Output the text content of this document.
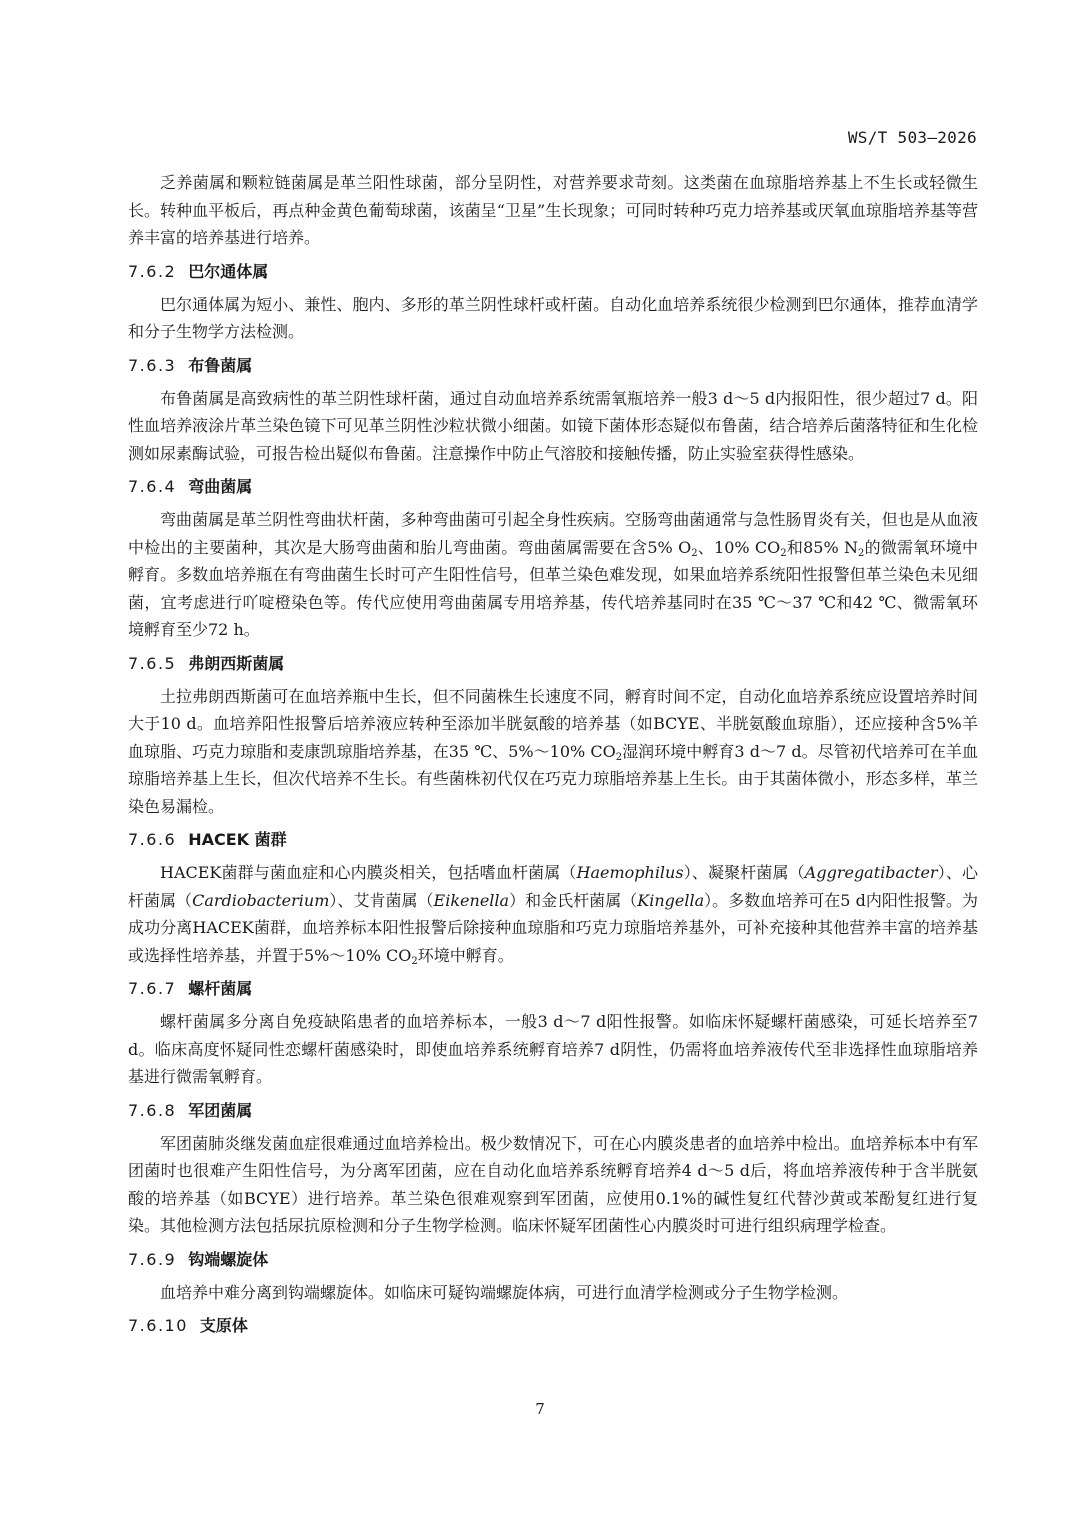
WS/T 503—2026

乏养菌属和颗粒链菌属是革兰阳性球菌，部分呈阴性，对营养要求苛刻。这类菌在血琼脂培养基上不生长或轻微生长。转种血平板后，再点种金黄色葡萄球菌，该菌呈“卫星”生长现象；可同时转种巧克力培养基或厌氧血琼脂培养基等营养丰富的培养基进行培养。

7.6.2 巴尔通体属

巴尔通体属为短小、兼性、胞内、多形的革兰阴性球杆或杆菌。自动化血培养系统很少检测到巴尔通体，推荐血清学和分子生物学方法检测。

7.6.3 布鲁菌属

布鲁菌属是高致病性的革兰阴性球杆菌，通过自动血培养系统需氧瓶培养一般3 d～5 d内报阳性，很少超过7 d。阳性血培养液涂片革兰染色镜下可见革兰阴性沙粒状微小细菌。如镜下菌体形态疑似布鲁菌，结合培养后菌落特征和生化检测如尿素酶试验，可报告检出疑似布鲁菌。注意操作中防止气溶胶和接触传播，防止实验室获得性感染。

7.6.4 弯曲菌属

弯曲菌属是革兰阴性弯曲状杆菌，多种弯曲菌可引起全身性疾病。空肠弯曲菌通常与急性肠胃炎有关，但也是从血液中检出的主要菌种，其次是大肠弯曲菌和胎儿弯曲菌。弯曲菌属需要在含5% $O_2$、10% $CO_2$和85% $N_2$的微需氧环境中孵育。多数血培养瓶在有弯曲菌生长时可产生阳性信号，但革兰染色难发现，如果血培养系统阳性报警但革兰染色未见细菌，宜考虑进行吖啶橙染色等。传代应使用弯曲菌属专用培养基，传代培养基同时在35 ℃～37 ℃和42 ℃、微需氧环境孵育至少72 h。

7.6.5 弗朗西斯菌属

土拉弗朗西斯菌可在血培养瓶中生长，但不同菌株生长速度不同，孵育时间不定，自动化血培养系统应设置培养时间大于10 d。血培养阳性报警后培养液应转种至添加半胱氨酸的培养基（如BCYE、半胱氨酸血琼脂），还应接种含5%羊血琼脂、巧克力琼脂和麦康凯琼脂培养基，在35 ℃、5%～10% $CO_2$湿润环境中孵育3 d～7 d。尽管初代培养可在羊血琼脂培养基上生长，但次代培养不生长。有些菌株初代仅在巧克力琼脂培养基上生长。由于其菌体微小，形态多样，革兰染色易漏检。

7.6.6 HACEK 菌群

HACEK菌群与菌血症和心内膜炎相关，包括嗜血杆菌属（Haemophilus）、凝聚杆菌属（Aggregatibacter）、心杆菌属（Cardiobacterium）、艾肯菌属（Eikenella）和金氏杆菌属（Kingella）。多数血培养可在5 d内阳性报警。为成功分离HACEK菌群，血培养标本阳性报警后除接种血琼脂和巧克力琼脂培养基外，可补充接种其他营养丰富的培养基或选择性培养基，并置于5%～10% $CO_2$环境中孵育。

7.6.7 螺杆菌属

螺杆菌属多分离自免疫缺陷患者的血培养标本，一般3 d～7 d阳性报警。如临床怀疑螺杆菌感染，可延长培养至7 d。临床高度怀疑同性恋螺杆菌感染时，即使血培养系统孵育培养7 d阴性，仍需将血培养液传代至非选择性血琼脂培养基进行微需氧孵育。

7.6.8 军团菌属

军团菌肺炎继发菌血症很难通过血培养检出。极少数情况下，可在心内膜炎患者的血培养中检出。血培养标本中有军团菌时也很难产生阳性信号，为分离军团菌，应在自动化血培养系统孵育培养4 d～5 d后，将血培养液传种于含半胱氨酸的培养基（如BCYE）进行培养。革兰染色很难观察到军团菌，应使用0.1%的碱性复红代替沙黄或苯酚复红进行复染。其他检测方法包括尿抗原检测和分子生物学检测。临床怀疑军团菌性心内膜炎时可进行组织病理学检查。

7.6.9 钩端螺旋体

血培养中难分离到钩端螺旋体。如临床可疑钩端螺旋体病，可进行血清学检测或分子生物学检测。

7.6.10 支原体
7
